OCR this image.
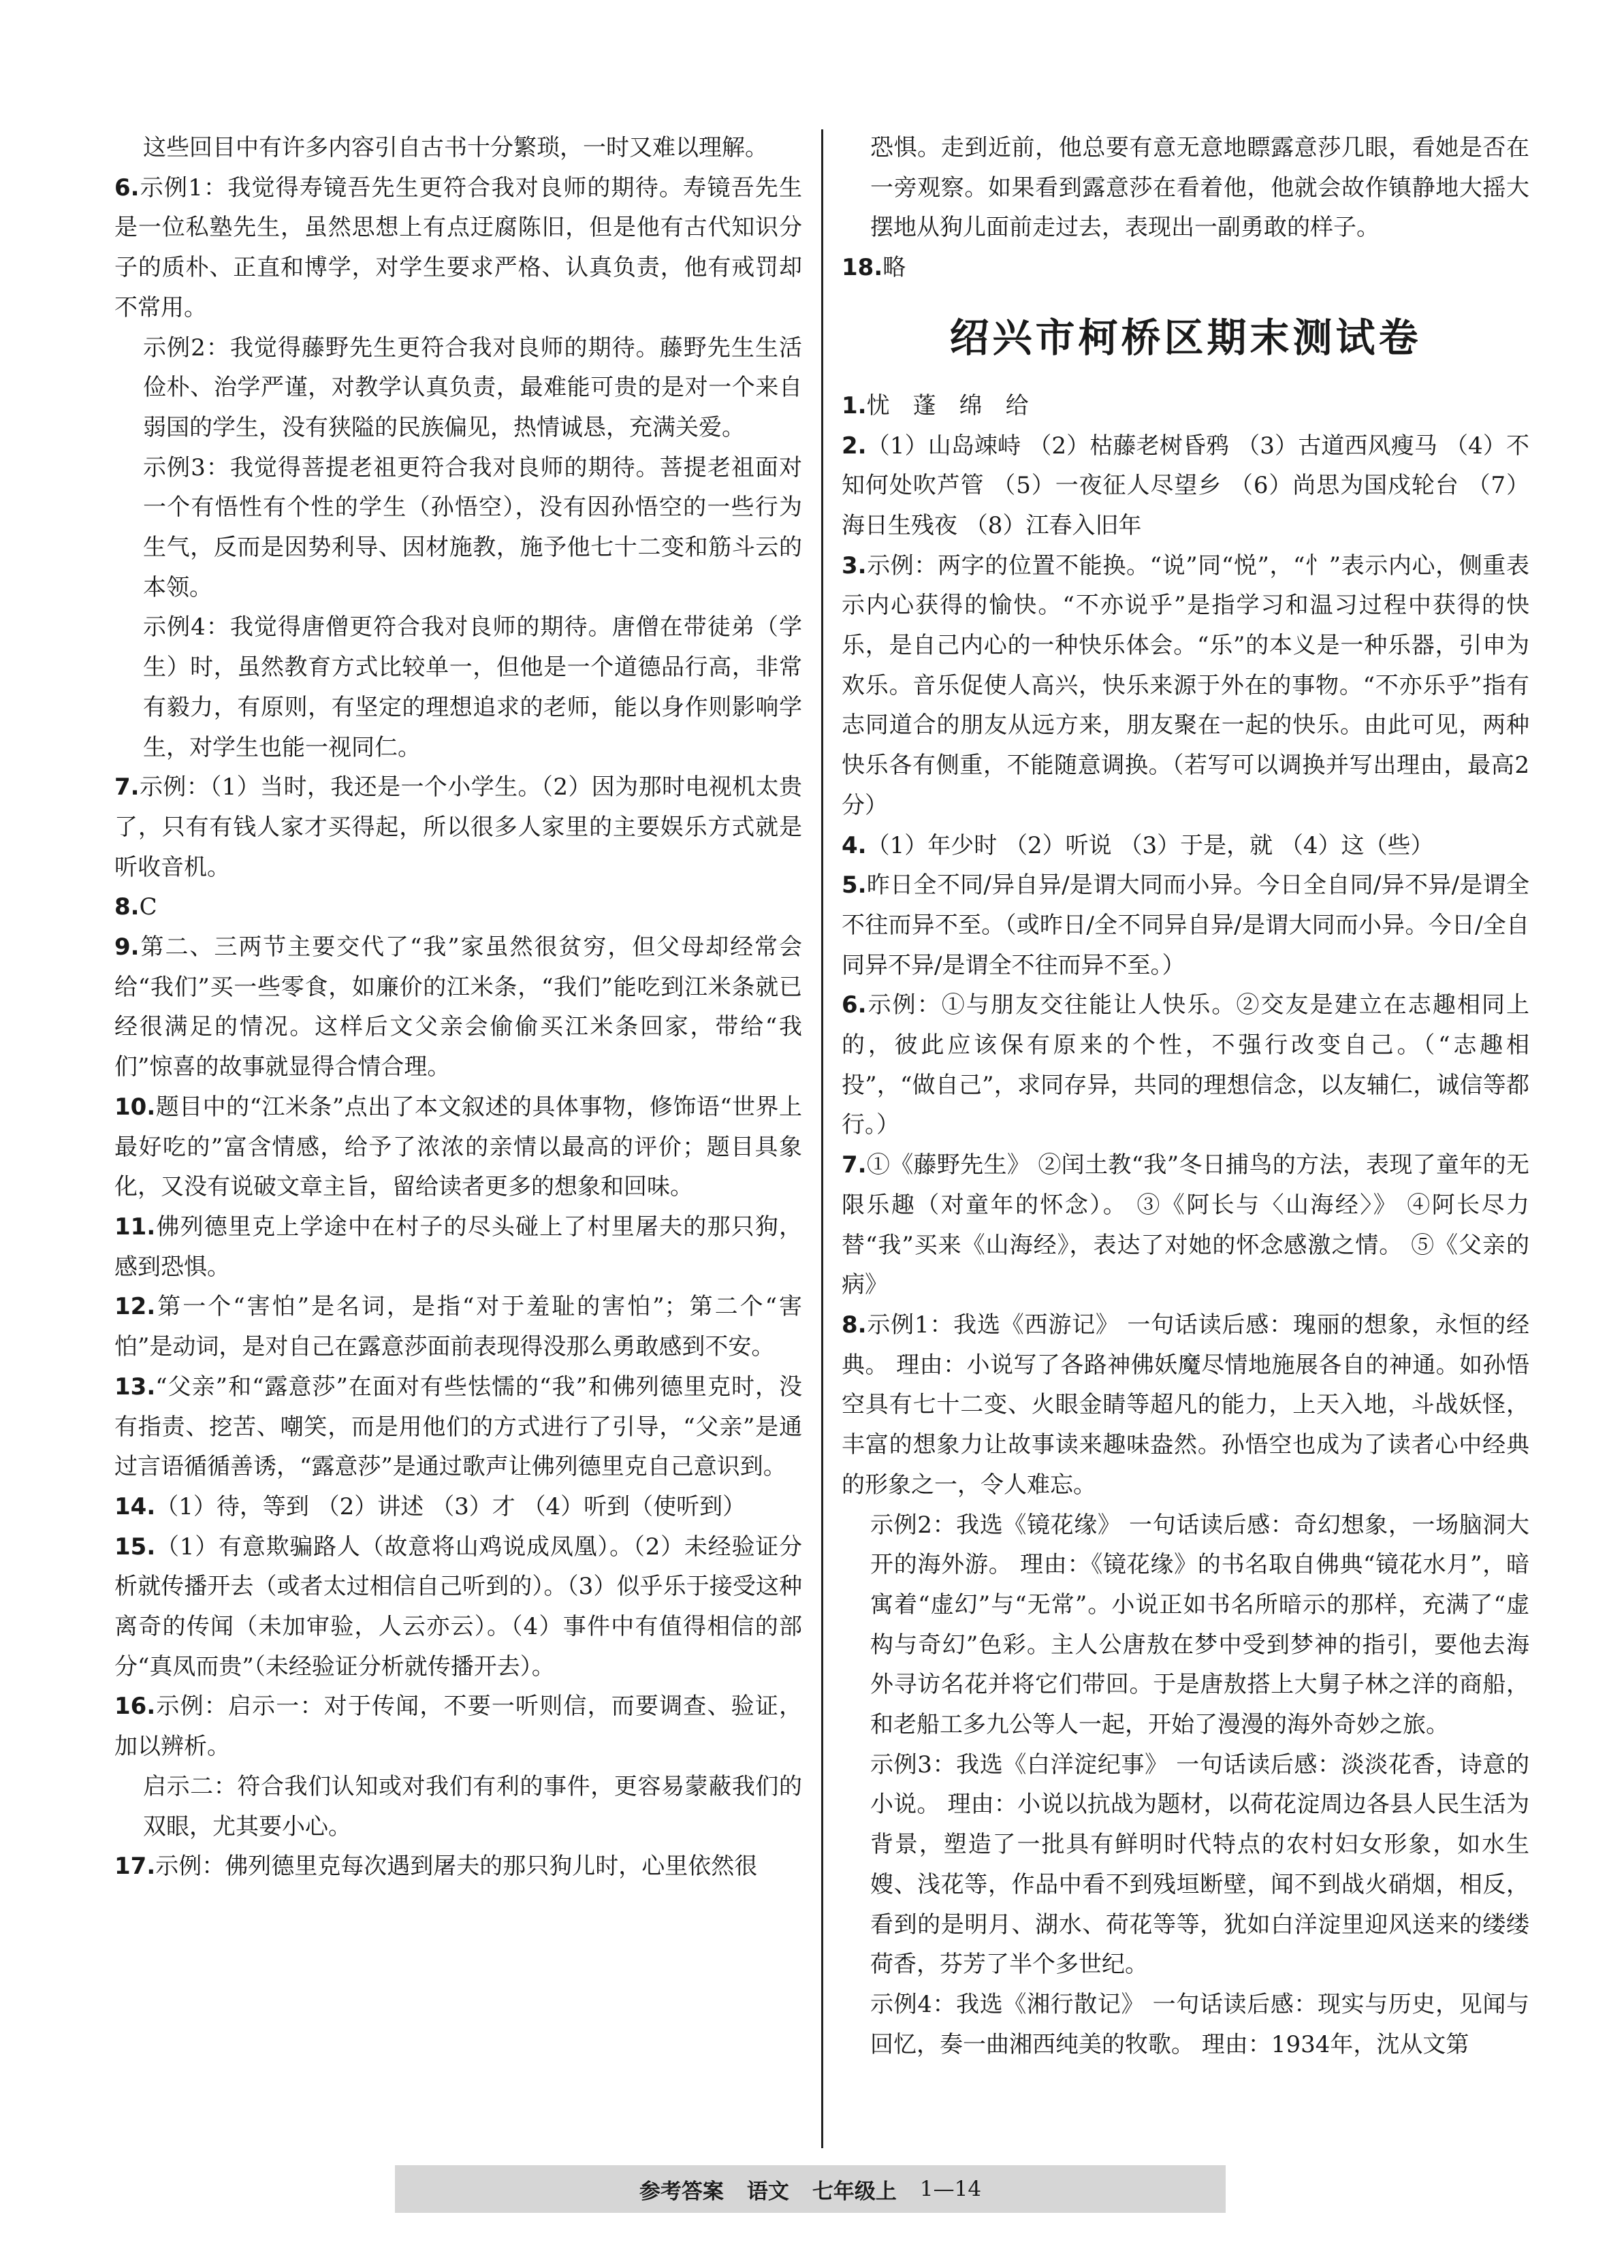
这些回目中有许多内容引自古书十分繁琐，一时又难以理解。

6.示例1：我觉得寿镜吾先生更符合我对良师的期待。寿镜吾先生是一位私塾先生，虽然思想上有点迂腐陈旧，但是他有古代知识分子的质朴、正直和博学，对学生要求严格、认真负责，他有戒罚却不常用。

示例2：我觉得藤野先生更符合我对良师的期待。藤野先生生活俭朴、治学严谨，对教学认真负责，最难能可贵的是对一个来自弱国的学生，没有狭隘的民族偏见，热情诚恳，充满关爱。

示例3：我觉得菩提老祖更符合我对良师的期待。菩提老祖面对一个有悟性有个性的学生（孙悟空），没有因孙悟空的一些行为生气，反而是因势利导、因材施教，施予他七十二变和筋斗云的本领。

示例4：我觉得唐僧更符合我对良师的期待。唐僧在带徒弟（学生）时，虽然教育方式比较单一，但他是一个道德品行高，非常有毅力，有原则，有坚定的理想追求的老师，能以身作则影响学生，对学生也能一视同仁。

7.示例：（1）当时，我还是一个小学生。（2）因为那时电视机太贵了，只有有钱人家才买得起，所以很多人家里的主要娱乐方式就是听收音机。

8.C

9.第二、三两节主要交代了“我”家虽然很贫穷，但父母却经常会给“我们”买一些零食，如廉价的江米条，“我们”能吃到江米条就已经很满足的情况。这样后文父亲会偷偷买江米条回家，带给“我们”惊喜的故事就显得合情合理。

10.题目中的“江米条”点出了本文叙述的具体事物，修饰语“世界上最好吃的”富含情感，给予了浓浓的亲情以最高的评价；题目具象化，又没有说破文章主旨，留给读者更多的想象和回味。

11.佛列德里克上学途中在村子的尽头碰上了村里屠夫的那只狗，感到恐惧。

12.第一个“害怕”是名词，是指“对于羞耻的害怕”；第二个“害怕”是动词，是对自己在露意莎面前表现得没那么勇敢感到不安。

13.“父亲”和“露意莎”在面对有些怯懦的“我”和佛列德里克时，没有指责、挖苦、嘲笑，而是用他们的方式进行了引导，“父亲”是通过言语循循善诱，“露意莎”是通过歌声让佛列德里克自己意识到。

14.（1）待，等到 （2）讲述 （3）才 （4）听到（使听到）

15.（1）有意欺骗路人（故意将山鸡说成凤凰）。（2）未经验证分析就传播开去（或者太过相信自己听到的）。（3）似乎乐于接受这种离奇的传闻（未加审验，人云亦云）。（4）事件中有值得相信的部分“真凤而贵”（未经验证分析就传播开去）。

16.示例：启示一：对于传闻，不要一听则信，而要调查、验证，加以辨析。

启示二：符合我们认知或对我们有利的事件，更容易蒙蔽我们的双眼，尤其要小心。

17.示例：佛列德里克每次遇到屠夫的那只狗儿时，心里依然很

恐惧。走到近前，他总要有意无意地瞟露意莎几眼，看她是否在一旁观察。如果看到露意莎在看着他，他就会故作镇静地大摇大摆地从狗儿面前走过去，表现出一副勇敢的样子。

18.略

绍兴市柯桥区期末测试卷

1.忧　蓬　绵　给

2.（1）山岛竦峙 （2）枯藤老树昏鸦 （3）古道西风瘦马 （4）不知何处吹芦管 （5）一夜征人尽望乡 （6）尚思为国戍轮台 （7）海日生残夜 （8）江春入旧年

3.示例：两字的位置不能换。“说”同“悦”，“忄”表示内心，侧重表示内心获得的愉快。“不亦说乎”是指学习和温习过程中获得的快乐，是自己内心的一种快乐体会。“乐”的本义是一种乐器，引申为欢乐。音乐促使人高兴，快乐来源于外在的事物。“不亦乐乎”指有志同道合的朋友从远方来，朋友聚在一起的快乐。由此可见，两种快乐各有侧重，不能随意调换。（若写可以调换并写出理由，最高2分）

4.（1）年少时 （2）听说 （3）于是，就 （4）这（些）

5.昨日全不同/异自异/是谓大同而小异。今日全自同/异不异/是谓全不往而异不至。（或昨日/全不同异自异/是谓大同而小异。今日/全自同异不异/是谓全不往而异不至。）

6.示例：①与朋友交往能让人快乐。②交友是建立在志趣相同上的，彼此应该保有原来的个性，不强行改变自己。（“志趣相投”，“做自己”，求同存异，共同的理想信念，以友辅仁，诚信等都行。）

7.①《藤野先生》 ②闰土教“我”冬日捕鸟的方法，表现了童年的无限乐趣（对童年的怀念）。 ③《阿长与〈山海经〉》 ④阿长尽力替“我”买来《山海经》，表达了对她的怀念感激之情。 ⑤《父亲的病》

8.示例1：我选《西游记》 一句话读后感：瑰丽的想象，永恒的经典。 理由：小说写了各路神佛妖魔尽情地施展各自的神通。如孙悟空具有七十二变、火眼金睛等超凡的能力，上天入地，斗战妖怪，丰富的想象力让故事读来趣味盎然。孙悟空也成为了读者心中经典的形象之一，令人难忘。

示例2：我选《镜花缘》 一句话读后感：奇幻想象，一场脑洞大开的海外游。 理由：《镜花缘》的书名取自佛典“镜花水月”，暗寓着“虚幻”与“无常”。小说正如书名所暗示的那样，充满了“虚构与奇幻”色彩。主人公唐敖在梦中受到梦神的指引，要他去海外寻访名花并将它们带回。于是唐敖搭上大舅子林之洋的商船，和老船工多九公等人一起，开始了漫漫的海外奇妙之旅。

示例3：我选《白洋淀纪事》 一句话读后感：淡淡花香，诗意的小说。 理由：小说以抗战为题材，以荷花淀周边各县人民生活为背景，塑造了一批具有鲜明时代特点的农村妇女形象，如水生嫂、浅花等，作品中看不到残垣断壁，闻不到战火硝烟，相反，看到的是明月、湖水、荷花等等，犹如白洋淀里迎风送来的缕缕荷香，芬芳了半个多世纪。

示例4：我选《湘行散记》 一句话读后感：现实与历史，见闻与回忆，奏一曲湘西纯美的牧歌。 理由：1934年，沈从文第

参考答案 语文 七年级上 1—14
